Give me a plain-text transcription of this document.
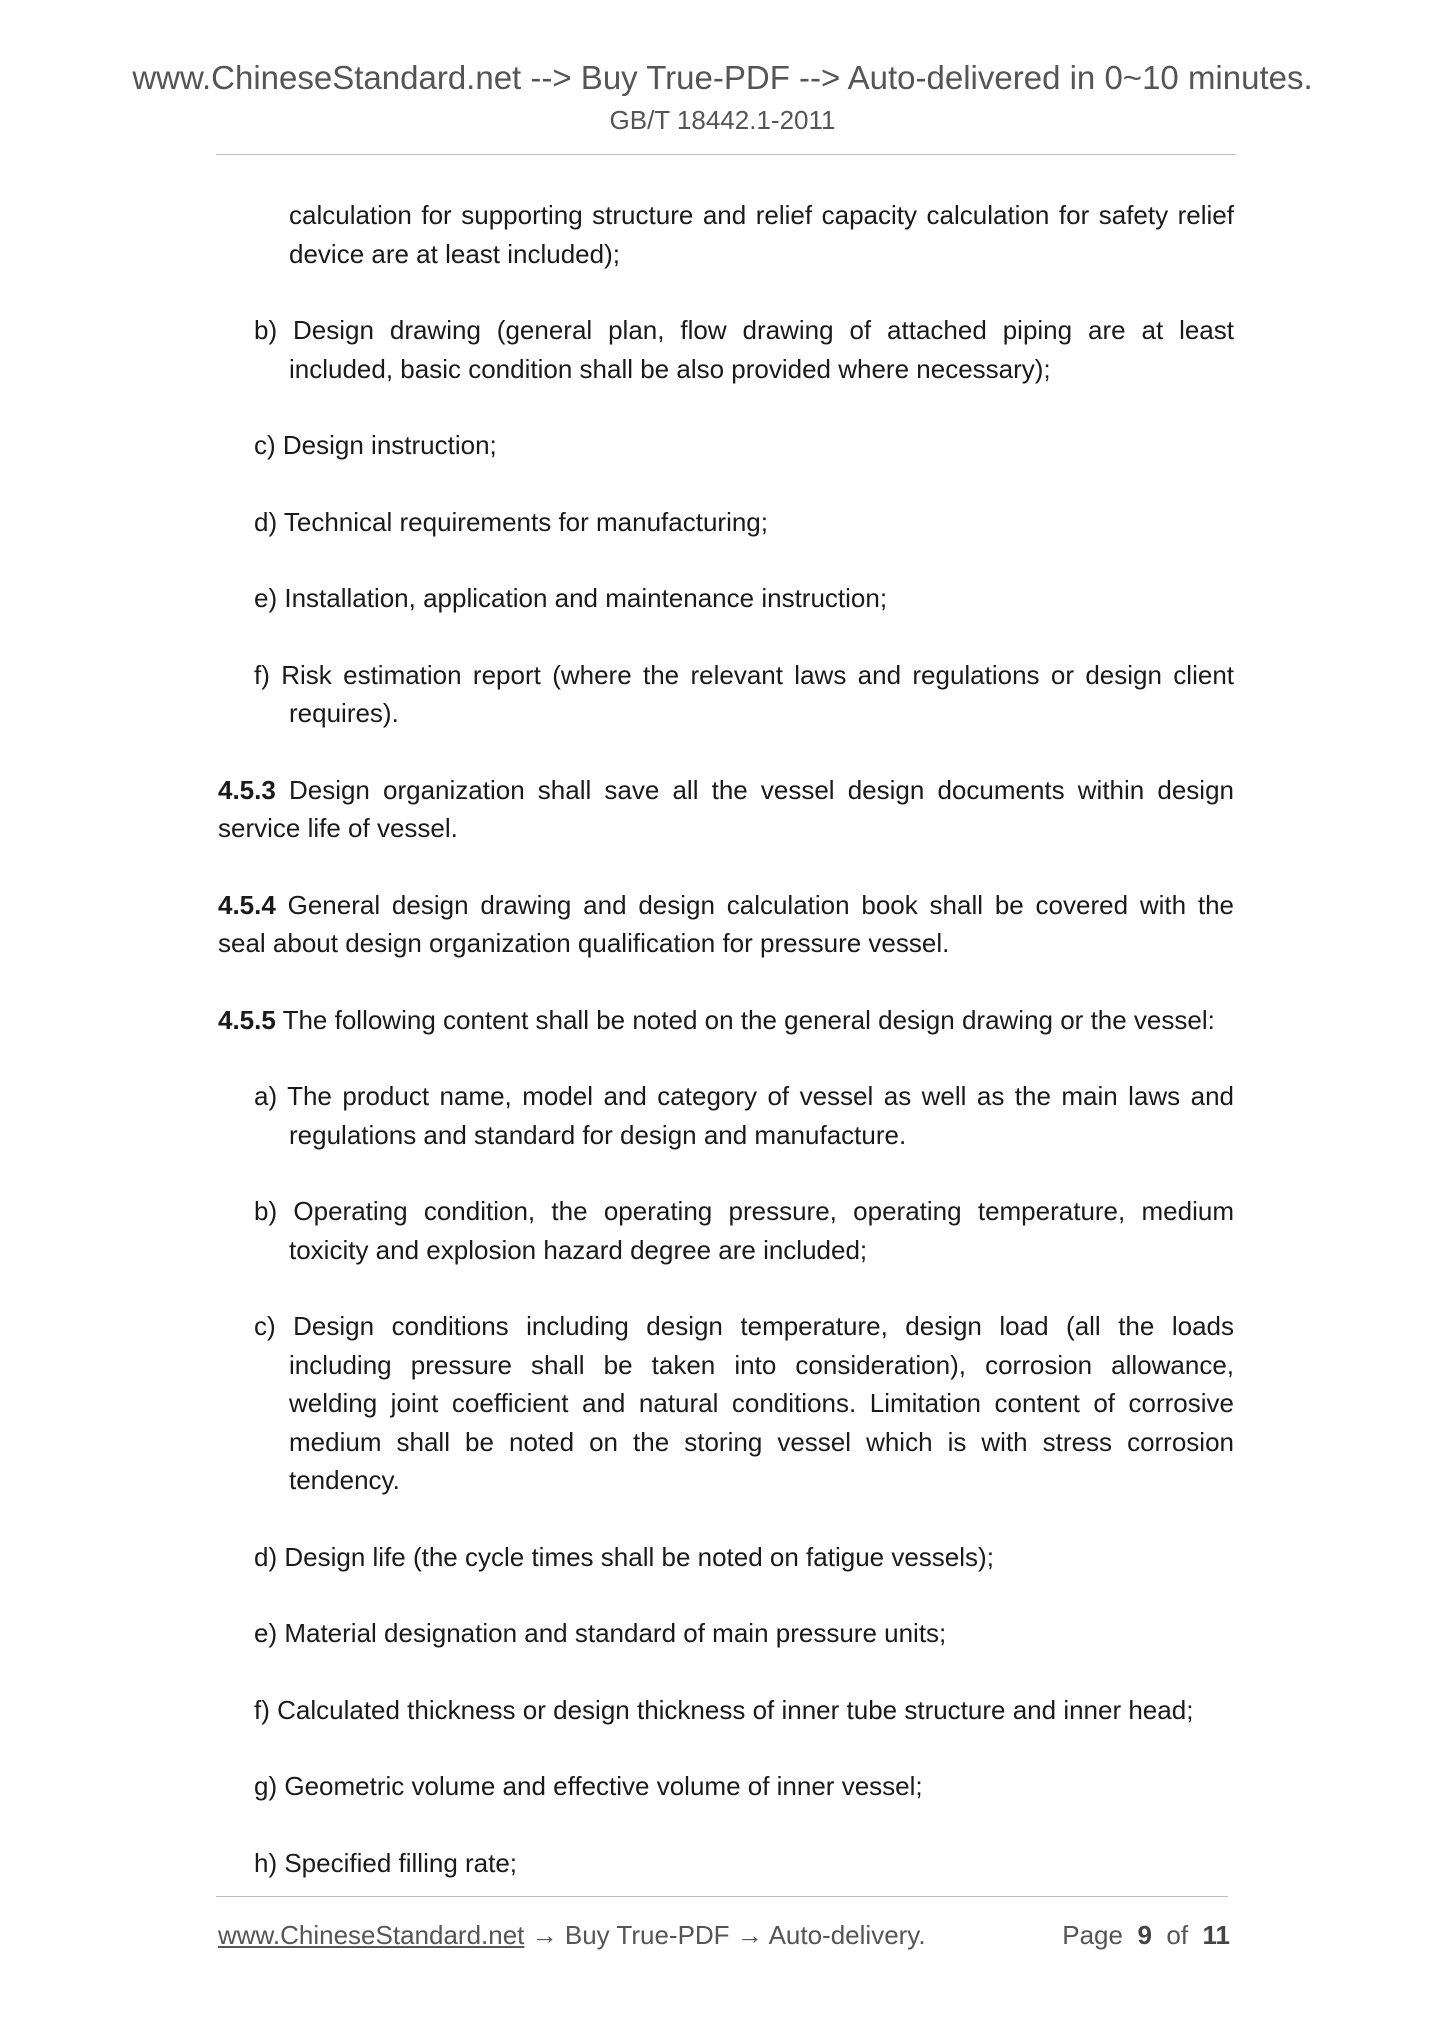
www.ChineseStandard.net --> Buy True-PDF --> Auto-delivered in 0~10 minutes.
GB/T 18442.1-2011
calculation for supporting structure and relief capacity calculation for safety relief device are at least included);
b) Design drawing (general plan, flow drawing of attached piping are at least included, basic condition shall be also provided where necessary);
c) Design instruction;
d) Technical requirements for manufacturing;
e) Installation, application and maintenance instruction;
f) Risk estimation report (where the relevant laws and regulations or design client requires).
4.5.3 Design organization shall save all the vessel design documents within design service life of vessel.
4.5.4 General design drawing and design calculation book shall be covered with the seal about design organization qualification for pressure vessel.
4.5.5 The following content shall be noted on the general design drawing or the vessel:
a) The product name, model and category of vessel as well as the main laws and regulations and standard for design and manufacture.
b) Operating condition, the operating pressure, operating temperature, medium toxicity and explosion hazard degree are included;
c) Design conditions including design temperature, design load (all the loads including pressure shall be taken into consideration), corrosion allowance, welding joint coefficient and natural conditions. Limitation content of corrosive medium shall be noted on the storing vessel which is with stress corrosion tendency.
d) Design life (the cycle times shall be noted on fatigue vessels);
e) Material designation and standard of main pressure units;
f) Calculated thickness or design thickness of inner tube structure and inner head;
g) Geometric volume and effective volume of inner vessel;
h) Specified filling rate;
www.ChineseStandard.net → Buy True-PDF → Auto-delivery.	Page 9 of 11
